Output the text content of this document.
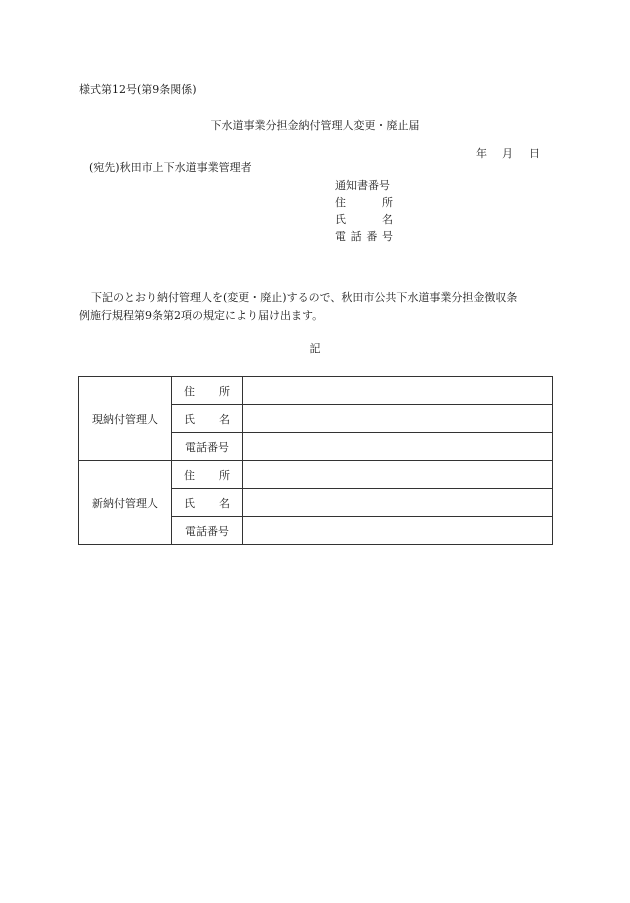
様式第12号(第9条関係)
下水道事業分担金納付管理人変更・廃止届
年	月	日
(宛先)秋田市上下水道事業管理者
通知書番号
住	所
氏	名
電 話 番 号
下記のとおり納付管理人を(変更・廃止)するので、秋田市公共下水道事業分担金徴収条
例施行規程第9条第2項の規定により届け出ます。
記
現納付管理人	住 所	

	氏 名	

	電話番号	
新納付管理人	住 所	

	氏 名	

	電話番号	
